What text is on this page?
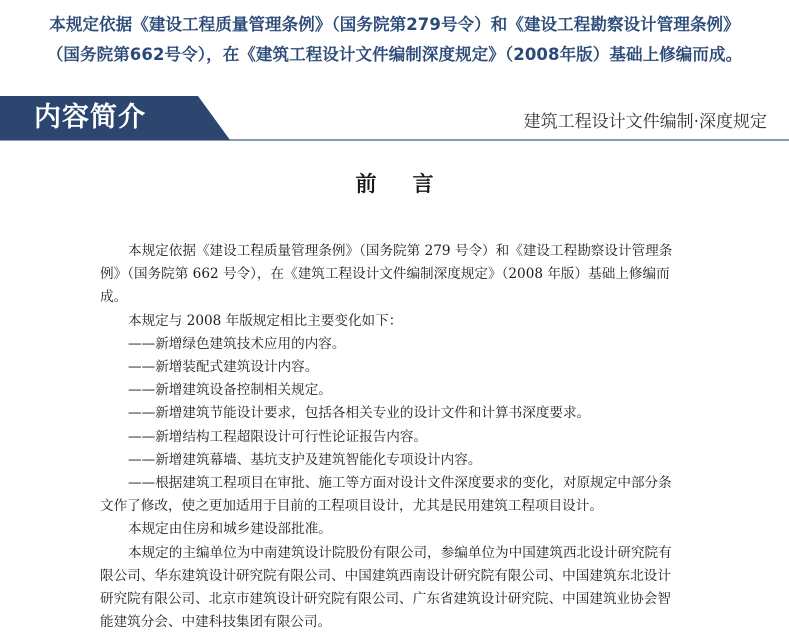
本规定依据《建设工程质量管理条例》（国务院第279号令）和《建设工程勘察设计管理条例》
（国务院第662号令），在《建筑工程设计文件编制深度规定》（2008年版）基础上修编而成。
内容简介	建筑工程设计文件编制·深度规定
前言

本规定依据《建设工程质量管理条例》（国务院第 279 号令）和《建设工程勘察设计管理条例》（国务院第 662 号令），在《建筑工程设计文件编制深度规定》（2008 年版）基础上修编而成。

本规定与 2008 年版规定相比主要变化如下：

——新增绿色建筑技术应用的内容。

——新增装配式建筑设计内容。

——新增建筑设备控制相关规定。

——新增建筑节能设计要求，包括各相关专业的设计文件和计算书深度要求。

——新增结构工程超限设计可行性论证报告内容。

——新增建筑幕墙、基坑支护及建筑智能化专项设计内容。

——根据建筑工程项目在审批、施工等方面对设计文件深度要求的变化，对原规定中部分条文作了修改，使之更加适用于目前的工程项目设计，尤其是民用建筑工程项目设计。

本规定由住房和城乡建设部批准。

本规定的主编单位为中南建筑设计院股份有限公司，参编单位为中国建筑西北设计研究院有限公司、华东建筑设计研究院有限公司、中国建筑西南设计研究院有限公司、中国建筑东北设计研究院有限公司、北京市建筑设计研究院有限公司、广东省建筑设计研究院、中国建筑业协会智能建筑分会、中建科技集团有限公司。
